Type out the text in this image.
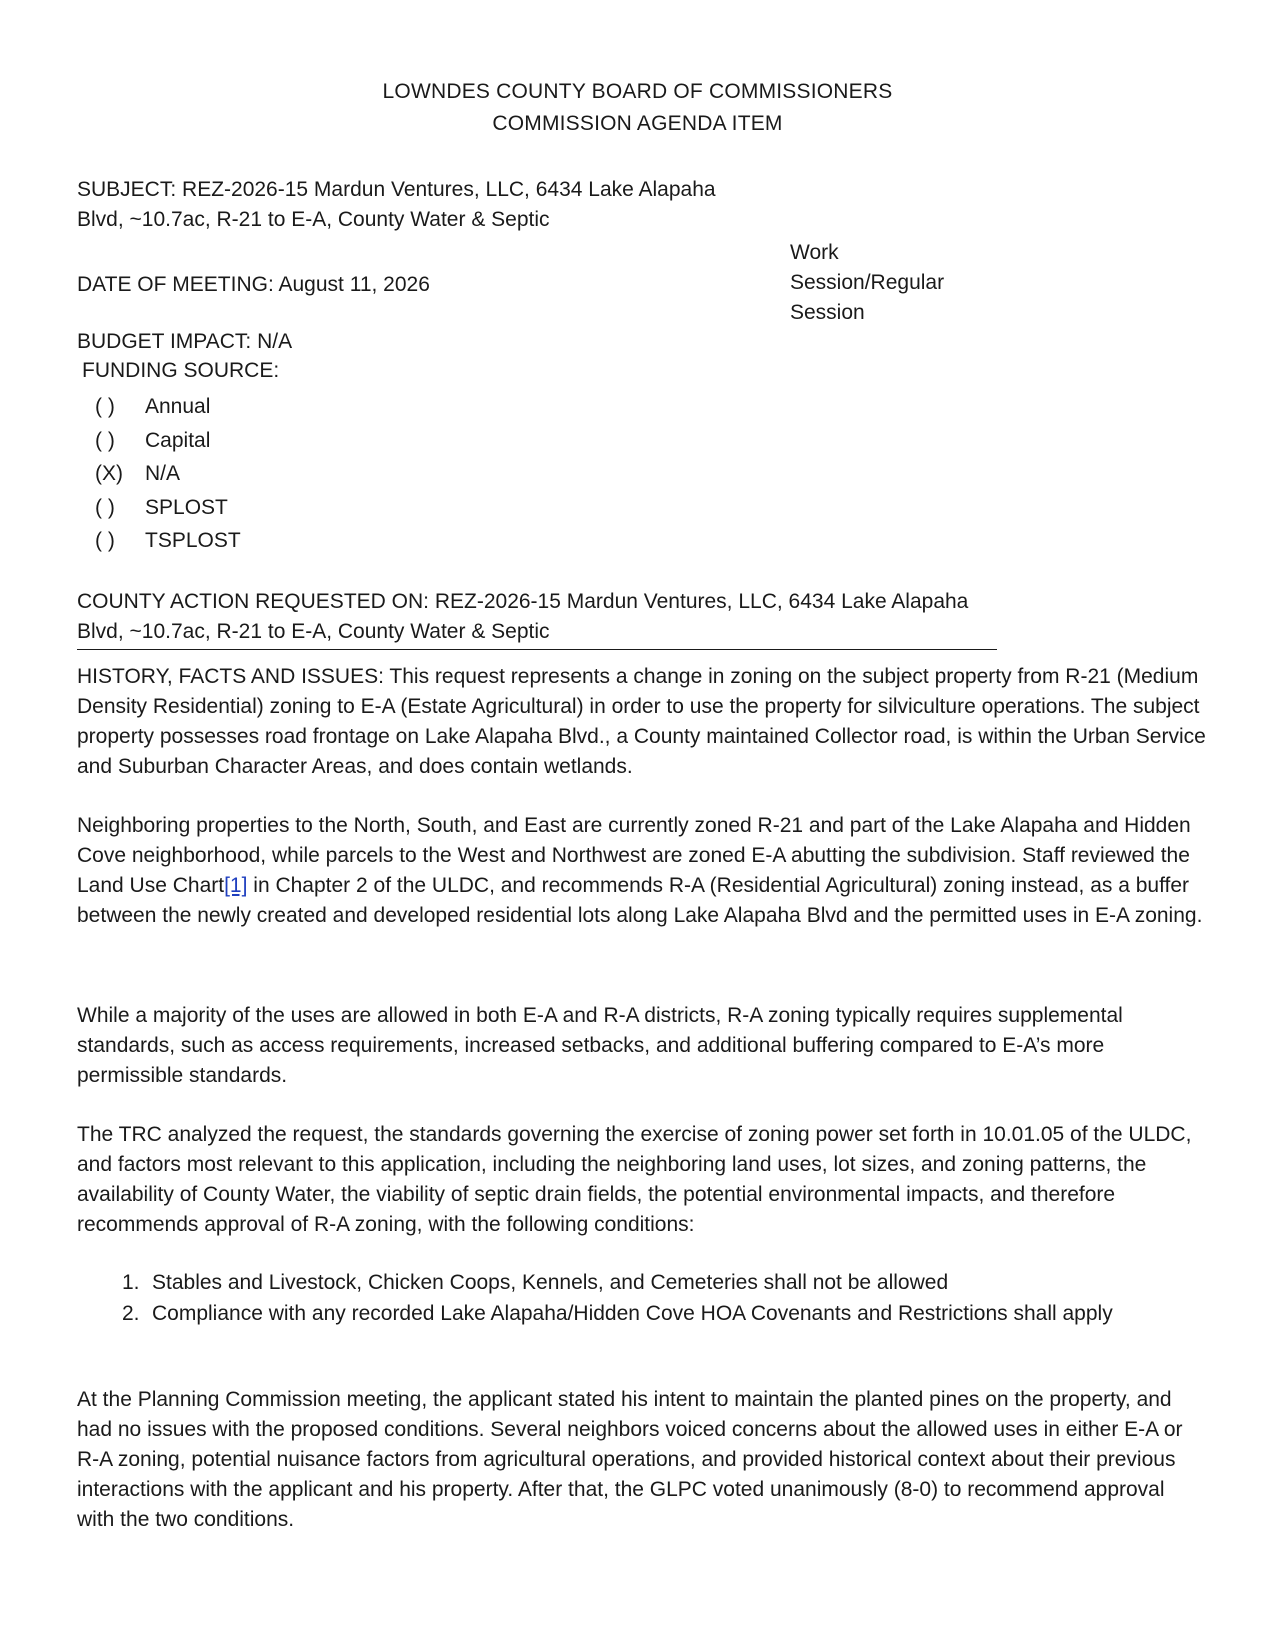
LOWNDES COUNTY BOARD OF COMMISSIONERS
COMMISSION AGENDA ITEM
SUBJECT: REZ-2026-15 Mardun Ventures, LLC, 6434 Lake Alapaha
Blvd, ~10.7ac, R-21 to E-A, County Water & Septic
DATE OF MEETING: August 11, 2026
Work
Session/Regular
Session
BUDGET IMPACT: N/A
FUNDING SOURCE:
( )	Annual
( )	Capital
(X)	N/A
( )	SPLOST
( )	TSPLOST
COUNTY ACTION REQUESTED ON: REZ-2026-15 Mardun Ventures, LLC, 6434 Lake Alapaha
Blvd, ~10.7ac, R-21 to E-A, County Water & Septic
HISTORY, FACTS AND ISSUES: This request represents a change in zoning on the subject property from R-21 (Medium Density Residential) zoning to E-A (Estate Agricultural) in order to use the property for silviculture operations. The subject property possesses road frontage on Lake Alapaha Blvd., a County maintained Collector road, is within the Urban Service and Suburban Character Areas, and does contain wetlands.
Neighboring properties to the North, South, and East are currently zoned R-21 and part of the Lake Alapaha and Hidden Cove neighborhood, while parcels to the West and Northwest are zoned E-A abutting the subdivision. Staff reviewed the Land Use Chart[1] in Chapter 2 of the ULDC, and recommends R-A (Residential Agricultural) zoning instead, as a buffer between the newly created and developed residential lots along Lake Alapaha Blvd and the permitted uses in E-A zoning.
While a majority of the uses are allowed in both E-A and R-A districts, R-A zoning typically requires supplemental standards, such as access requirements, increased setbacks, and additional buffering compared to E-A’s more permissible standards.
The TRC analyzed the request, the standards governing the exercise of zoning power set forth in 10.01.05 of the ULDC, and factors most relevant to this application, including the neighboring land uses, lot sizes, and zoning patterns, the availability of County Water, the viability of septic drain fields, the potential environmental impacts, and therefore recommends approval of R-A zoning, with the following conditions:
1. Stables and Livestock, Chicken Coops, Kennels, and Cemeteries shall not be allowed
2. Compliance with any recorded Lake Alapaha/Hidden Cove HOA Covenants and Restrictions shall apply
At the Planning Commission meeting, the applicant stated his intent to maintain the planted pines on the property, and had no issues with the proposed conditions. Several neighbors voiced concerns about the allowed uses in either E-A or R-A zoning, potential nuisance factors from agricultural operations, and provided historical context about their previous interactions with the applicant and his property. After that, the GLPC voted unanimously (8-0) to recommend approval with the two conditions.
